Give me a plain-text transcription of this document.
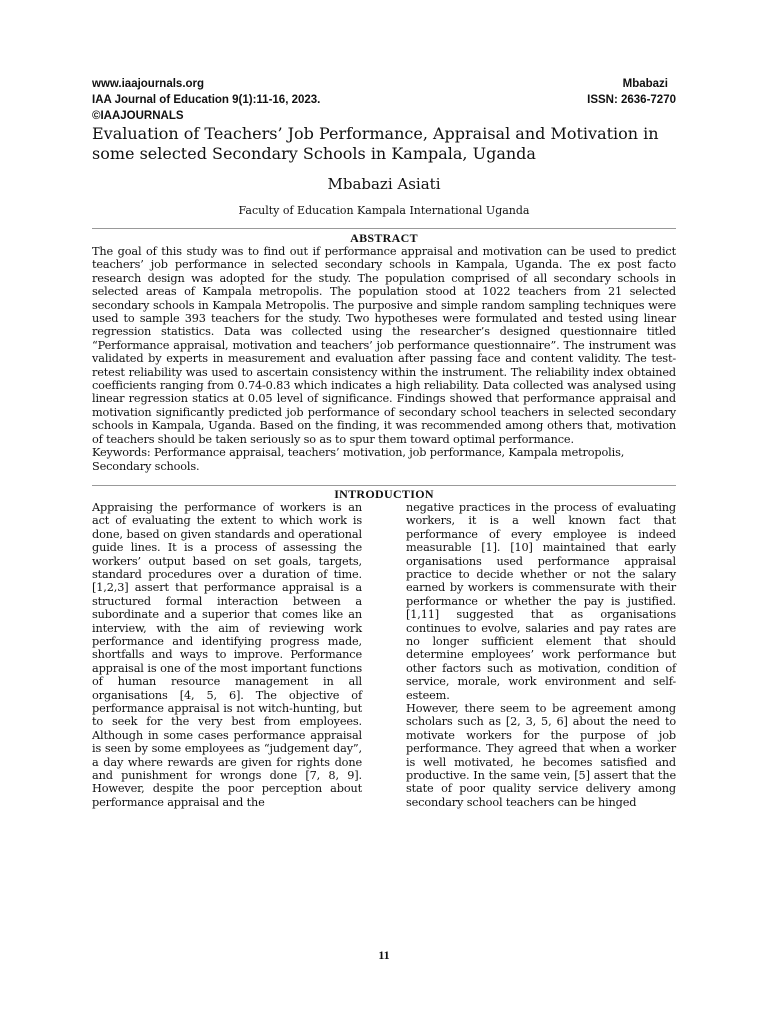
www.iaajournals.org	Mbabazi
IAA Journal of Education 9(1):11-16, 2023.	ISSN: 2636-7270
©IAAJOURNALS
Evaluation of Teachers’ Job Performance, Appraisal and Motivation in some selected Secondary Schools in Kampala, Uganda
Mbabazi Asiati
Faculty of Education Kampala International Uganda
ABSTRACT

The goal of this study was to find out if performance appraisal and motivation can be used to predict teachers’ job performance in selected secondary schools in Kampala, Uganda. The ex post facto research design was adopted for the study. The population comprised of all secondary schools in selected areas of Kampala metropolis. The population stood at 1022 teachers from 21 selected secondary schools in Kampala Metropolis. The purposive and simple random sampling techniques were used to sample 393 teachers for the study. Two hypotheses were formulated and tested using linear regression statistics. Data was collected using the researcher’s designed questionnaire titled “Performance appraisal, motivation and teachers’ job performance questionnaire”. The instrument was validated by experts in measurement and evaluation after passing face and content validity. The test-retest reliability was used to ascertain consistency within the instrument. The reliability index obtained coefficients ranging from 0.74-0.83 which indicates a high reliability. Data collected was analysed using linear regression statics at 0.05 level of significance. Findings showed that performance appraisal and motivation significantly predicted job performance of secondary school teachers in selected secondary schools in Kampala, Uganda. Based on the finding, it was recommended among others that, motivation of teachers should be taken seriously so as to spur them toward optimal performance.

Keywords: Performance appraisal, teachers’ motivation, job performance, Kampala metropolis, Secondary schools.

INTRODUCTION

Appraising the performance of workers is an act of evaluating the extent to which work is done, based on given standards and operational guide lines. It is a process of assessing the workers’ output based on set goals, targets, standard procedures over a duration of time. [1,2,3] assert that performance appraisal is a structured formal interaction between a subordinate and a superior that comes like an interview, with the aim of reviewing work performance and identifying progress made, shortfalls and ways to improve. Performance appraisal is one of the most important functions of human resource management in all organisations [4, 5, 6]. The objective of performance appraisal is not witch-hunting, but to seek for the very best from employees. Although in some cases performance appraisal is seen by some employees as “judgement day”, a day where rewards are given for rights done and punishment for wrongs done [7, 8, 9]. However, despite the poor perception about performance appraisal and the

negative practices in the process of evaluating workers, it is a well known fact that performance of every employee is indeed measurable [1]. [10] maintained that early organisations used performance appraisal practice to decide whether or not the salary earned by workers is commensurate with their performance or whether the pay is justified. [1,11] suggested that as organisations continues to evolve, salaries and pay rates are no longer sufficient element that should determine employees’ work performance but other factors such as motivation, condition of service, morale, work environment and self-esteem.

However, there seem to be agreement among scholars such as [2, 3, 5, 6] about the need to motivate workers for the purpose of job performance. They agreed that when a worker is well motivated, he becomes satisfied and productive. In the same vein, [5] assert that the state of poor quality service delivery among secondary school teachers can be hinged

11
